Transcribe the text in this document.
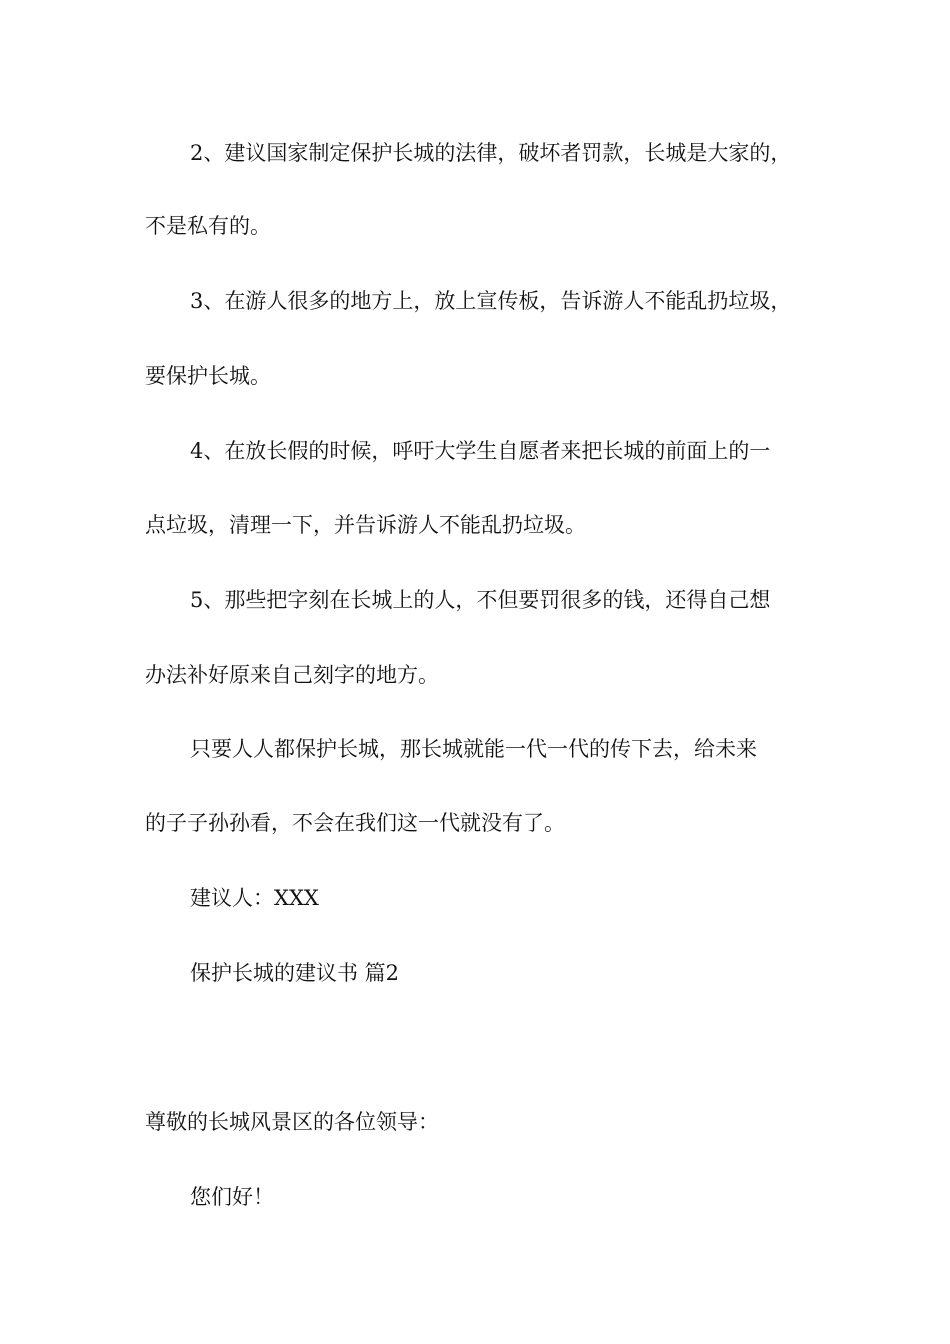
2、建议国家制定保护长城的法律，破坏者罚款，长城是大家的，

不是私有的。

3、在游人很多的地方上，放上宣传板，告诉游人不能乱扔垃圾，

要保护长城。

4、在放长假的时候，呼吁大学生自愿者来把长城的前面上的一

点垃圾，清理一下，并告诉游人不能乱扔垃圾。

5、那些把字刻在长城上的人，不但要罚很多的钱，还得自己想

办法补好原来自己刻字的地方。

只要人人都保护长城，那长城就能一代一代的传下去，给未来

的子子孙孙看，不会在我们这一代就没有了。

建议人：XXX

保护长城的建议书 篇2

尊敬的长城风景区的各位领导：

您们好！
